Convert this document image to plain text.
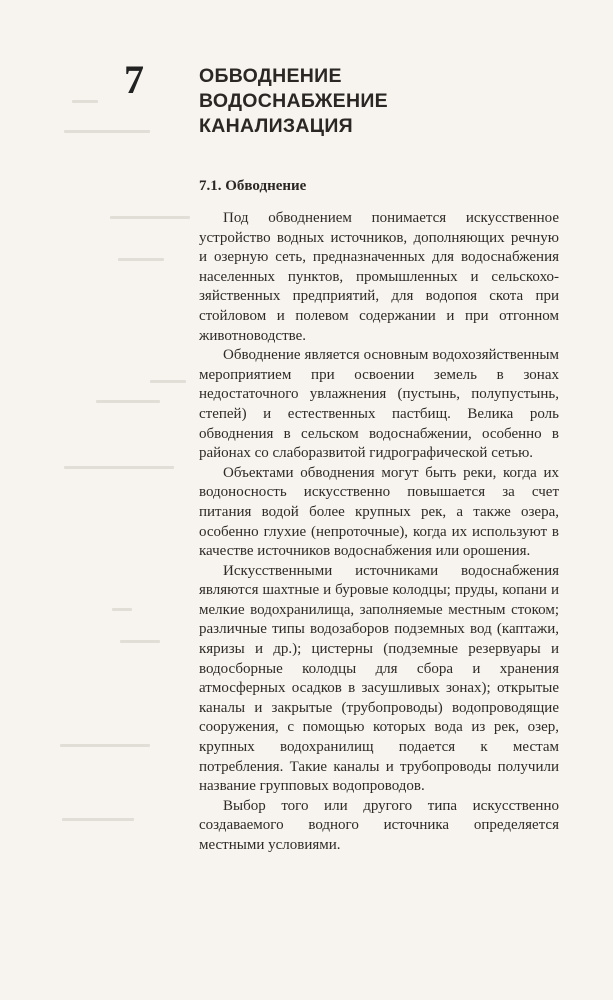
7	ОБВОДНЕНИЕ
ВОДОСНАБЖЕНИЕ
КАНАЛИЗАЦИЯ
7.1. Обводнение

Под обводнением понимается искусственное устройство водных источников, дополняющих речную и озерную сеть, предназначенных для водоснабжения населенных пунктов, промышленных и сельскохозяйственных предприятий, для водопоя скота при стойловом и полевом содержании и при отгонном животноводстве.

Обводнение является основным водохозяйственным мероприятием при освоении земель в зонах недостаточного увлажнения (пустынь, полупустынь, степей) и естественных пастбищ. Велика роль обводнения в сельском водоснабжении, особенно в районах со слаборазвитой гидрографической сетью.

Объектами обводнения могут быть реки, когда их водоносность искусственно повышается за счет питания водой более крупных рек, а также озера, особенно глухие (непроточные), когда их используют в качестве источников водоснабжения или орошения.

Искусственными источниками водоснабжения являются шахтные и буровые колодцы; пруды, копани и мелкие водохранилища, заполняемые местным стоком; различные типы водозаборов подземных вод (каптажи, кяризы и др.); цистерны (подземные резервуары и водосборные колодцы для сбора и хранения атмосферных осадков в засушливых зонах); открытые каналы и закрытые (трубопроводы) водопроводящие сооружения, с помощью которых вода из рек, озер, крупных водохранилищ подается к местам потребления. Такие каналы и трубопроводы получили название групповых водопроводов.

Выбор того или другого типа искусственно создаваемого водного источника определяется местными условиями.
